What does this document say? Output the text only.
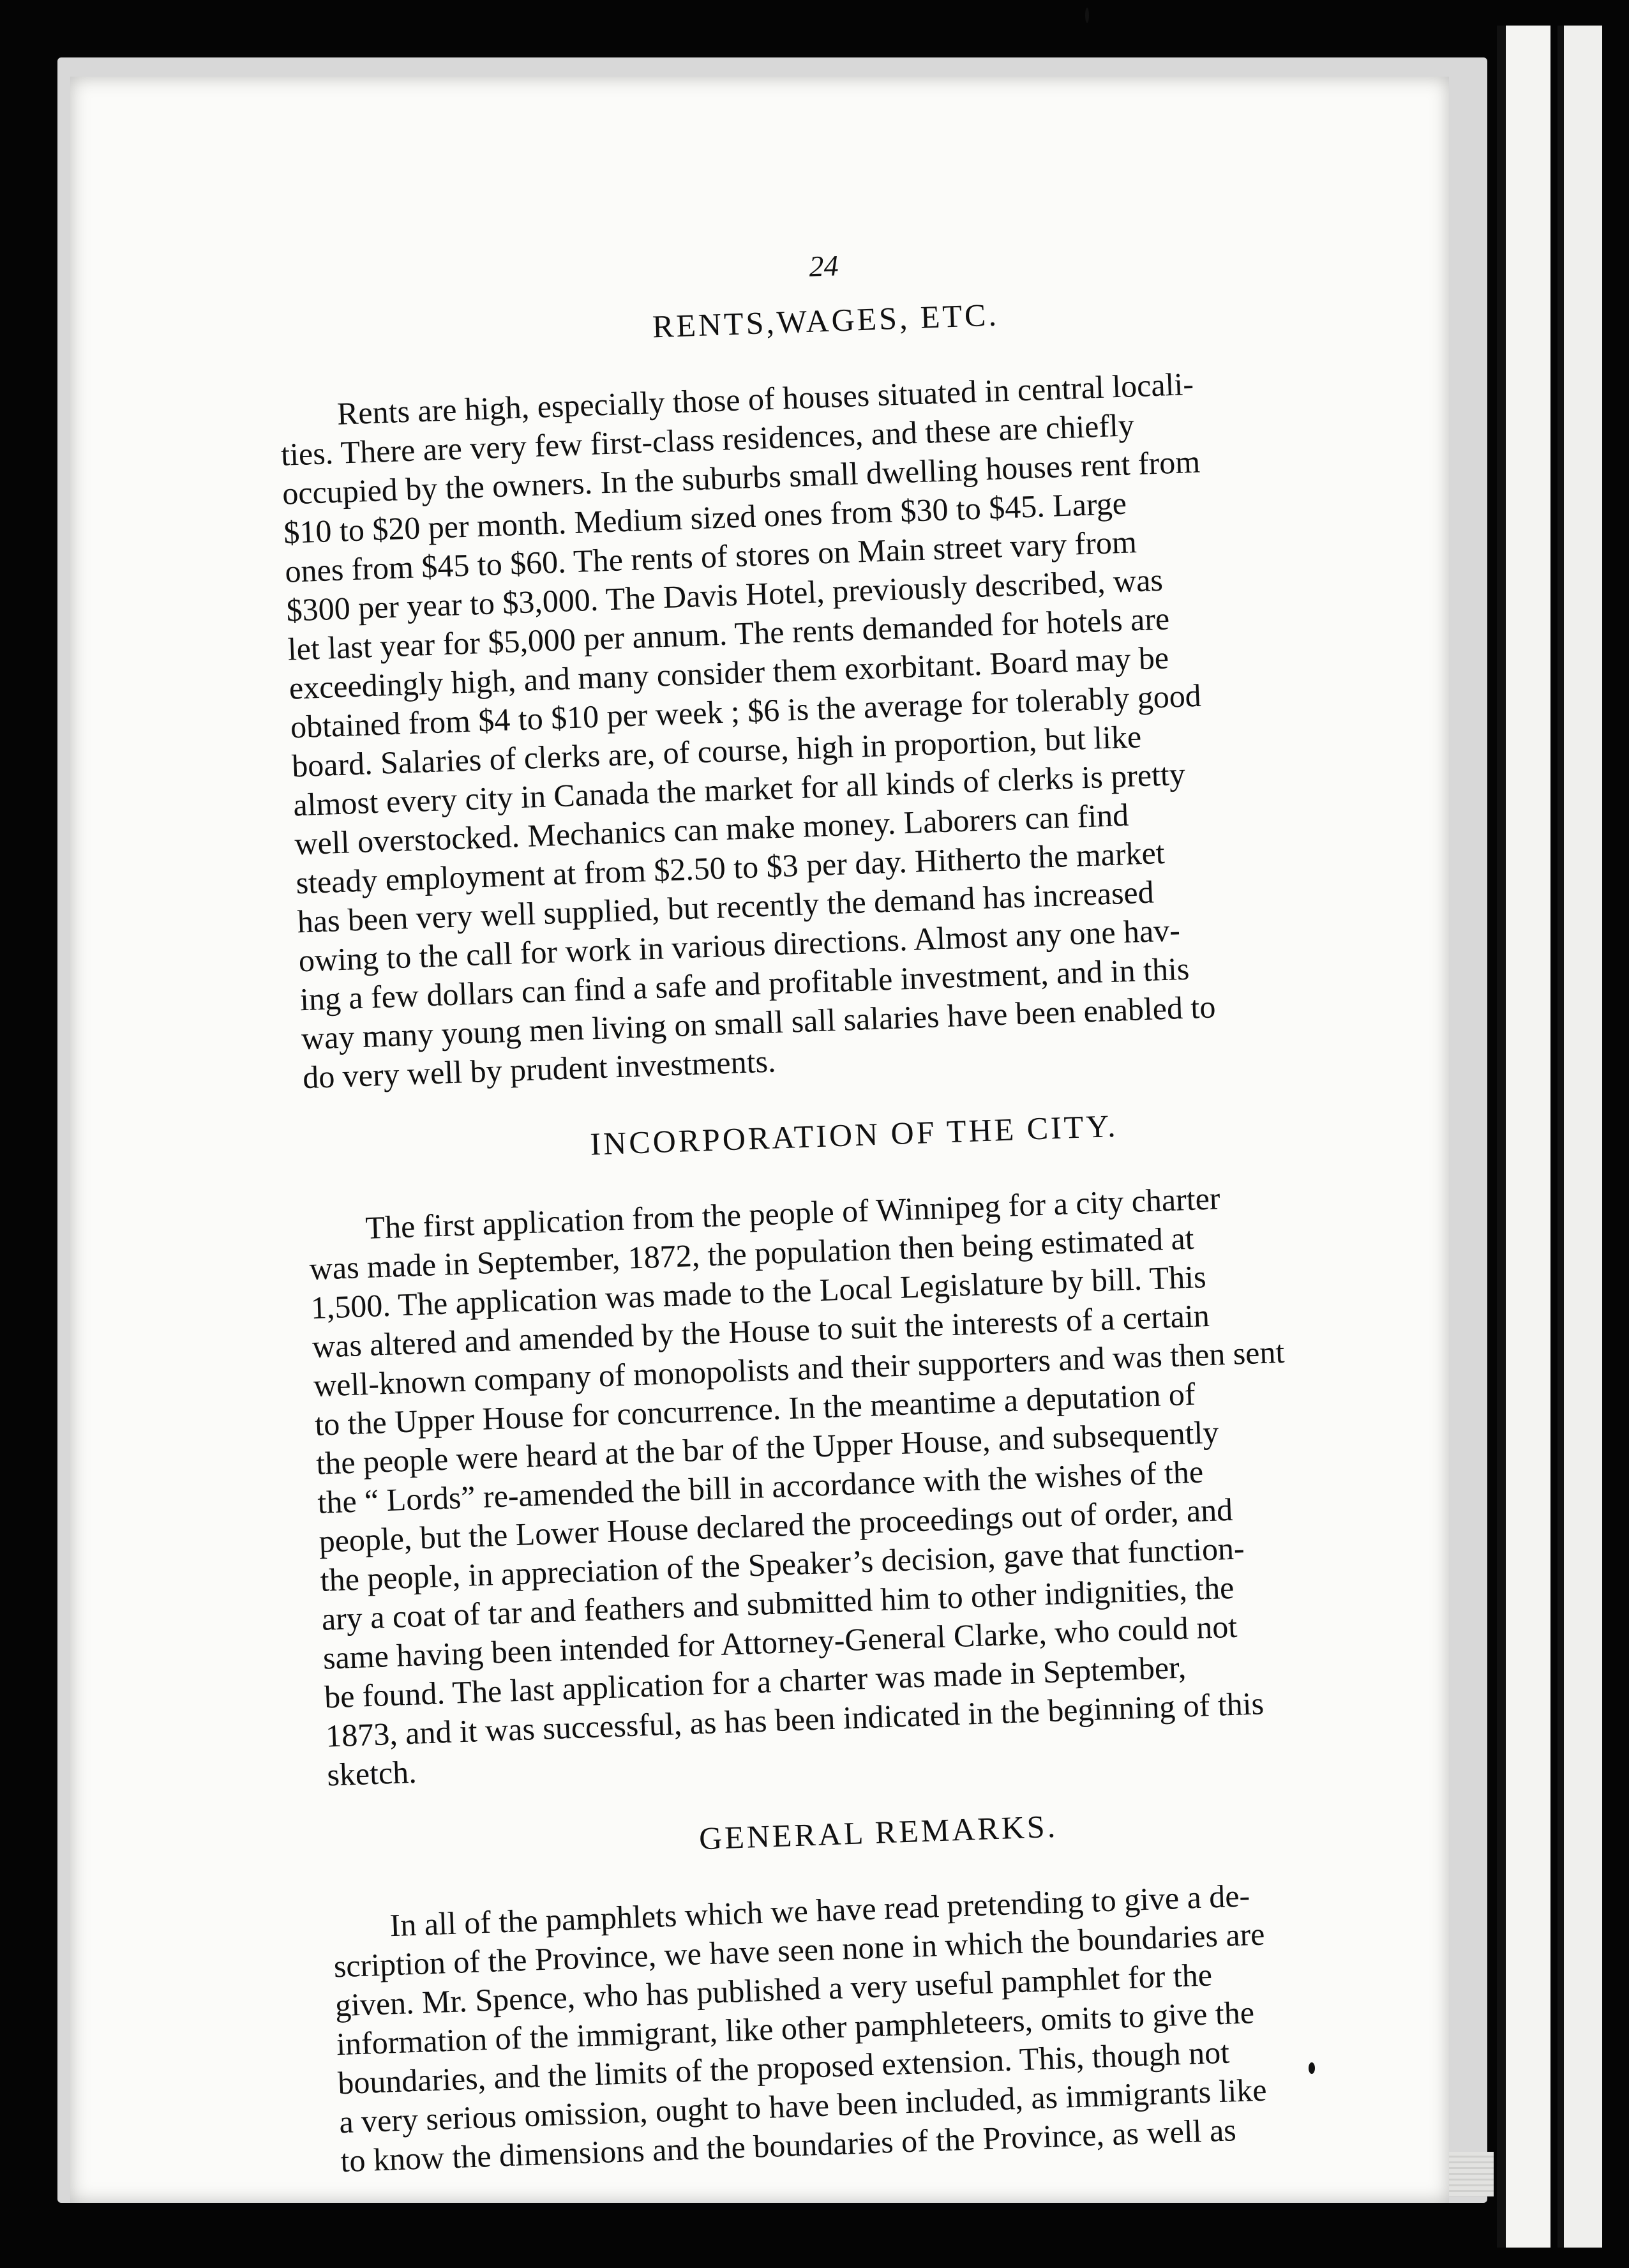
24
RENTS,WAGES, ETC.
Rents are high, especially those of houses situated in central locali-
ties. There are very few first-class residences, and these are chiefly
occupied by the owners. In the suburbs small dwelling houses rent from
$10 to $20 per month. Medium sized ones from $30 to $45. Large
ones from $45 to $60. The rents of stores on Main street vary from
$300 per year to $3,000. The Davis Hotel, previously described, was
let last year for $5,000 per annum. The rents demanded for hotels are
exceedingly high, and many consider them exorbitant. Board may be
obtained from $4 to $10 per week ; $6 is the average for tolerably good
board. Salaries of clerks are, of course, high in proportion, but like
almost every city in Canada the market for all kinds of clerks is pretty
well overstocked. Mechanics can make money. Laborers can find
steady employment at from $2.50 to $3 per day. Hitherto the market
has been very well supplied, but recently the demand has increased
owing to the call for work in various directions. Almost any one hav-
ing a few dollars can find a safe and profitable investment, and in this
way many young men living on small sall salaries have been enabled to
do very well by prudent investments.
INCORPORATION OF THE CITY.
The first application from the people of Winnipeg for a city charter
was made in September, 1872, the population then being estimated at
1,500. The application was made to the Local Legislature by bill. This
was altered and amended by the House to suit the interests of a certain
well-known company of monopolists and their supporters and was then sent
to the Upper House for concurrence. In the meantime a deputation of
the people were heard at the bar of the Upper House, and subsequently
the “ Lords” re-amended the bill in accordance with the wishes of the
people, but the Lower House declared the proceedings out of order, and
the people, in appreciation of the Speaker’s decision, gave that function-
ary a coat of tar and feathers and submitted him to other indignities, the
same having been intended for Attorney-General Clarke, who could not
be found. The last application for a charter was made in September,
1873, and it was successful, as has been indicated in the beginning of this
sketch.
GENERAL REMARKS.
In all of the pamphlets which we have read pretending to give a de-
scription of the Province, we have seen none in which the boundaries are
given. Mr. Spence, who has published a very useful pamphlet for the
information of the immigrant, like other pamphleteers, omits to give the
boundaries, and the limits of the proposed extension. This, though not
a very serious omission, ought to have been included, as immigrants like
to know the dimensions and the boundaries of the Province, as well as
